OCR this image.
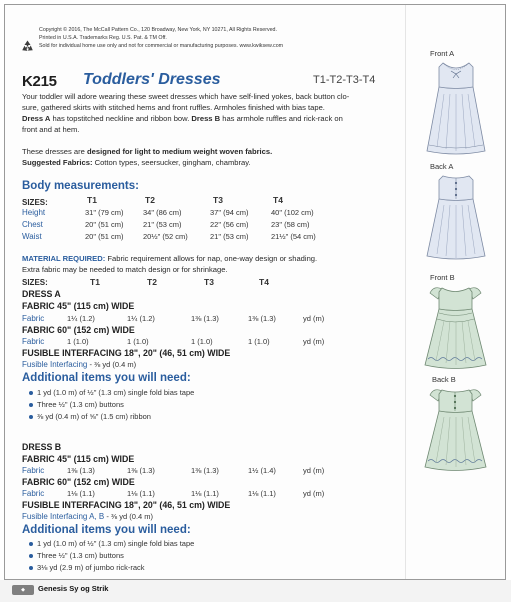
Copyright © 2016, The McCall Pattern Co., 120 Broadway, New York, NY 10271, All Rights Reserved.
Printed in U.S.A. Trademarks Reg. U.S. Pat. & TM Off.
Sold for individual home use only and not for commercial or manufacturing purposes. www.kwiksew.com
K215 Toddlers' Dresses	T1-T2-T3-T4
Your toddler will adore wearing these sweet dresses which have self-lined yokes, back button clo-
sure, gathered skirts with stitched hems and front ruffles. Armholes finished with bias tape.
Dress A has topstitched neckline and ribbon bow. Dress B has armhole ruffles and rick-rack on
front and at hem.
These dresses are designed for light to medium weight woven fabrics.
Suggested Fabrics: Cotton types, seersucker, gingham, chambray.
Body measurements:
SIZES:	T1	T2	T3	T4
Height	31" (79 cm)	34" (86 cm)	37" (94 cm)	40" (102 cm)
Chest	20" (51 cm)	21" (53 cm)	22" (56 cm)	23" (58 cm)
Waist	20" (51 cm)	20½" (52 cm)	21" (53 cm)	21½" (54 cm)
MATERIAL REQUIRED: Fabric requirement allows for nap, one-way design or shading.
Extra fabric may be needed to match design or for shrinkage.
SIZES:	T1	T2	T3	T4
DRESS A
FABRIC 45" (115 cm) WIDE
Fabric	1¼ (1.2)	1¼ (1.2)	1⅜ (1.3)	1⅜ (1.3)	yd (m)
FABRIC 60" (152 cm) WIDE
Fabric	1 (1.0)	1 (1.0)	1 (1.0)	1 (1.0)	yd (m)
FUSIBLE INTERFACING 18", 20" (46, 51 cm) WIDE
Fusible Interfacing - ⅜ yd (0.4 m)
Additional items you will need:
1 yd (1.0 m) of ½" (1.3 cm) single fold bias tape
Three ½" (1.3 cm) buttons
⅜ yd (0.4 m) of ⅝" (1.5 cm) ribbon
DRESS B
FABRIC 45" (115 cm) WIDE
Fabric	1⅜ (1.3)	1⅜ (1.3)	1⅜ (1.3)	1½ (1.4)	yd (m)
FABRIC 60" (152 cm) WIDE
Fabric	1⅛ (1.1)	1⅛ (1.1)	1⅛ (1.1)	1⅛ (1.1)	yd (m)
FUSIBLE INTERFACING 18", 20" (46, 51 cm) WIDE
Fusible Interfacing A, B - ⅜ yd (0.4 m)
Additional items you will need:
1 yd (1.0 m) of ½" (1.3 cm) single fold bias tape
Three ½" (1.3 cm) buttons
3⅛ yd (2.9 m) of jumbo rick-rack
Front A
Back A
Front B
Back B
◆	Genesis Sy og Strik
